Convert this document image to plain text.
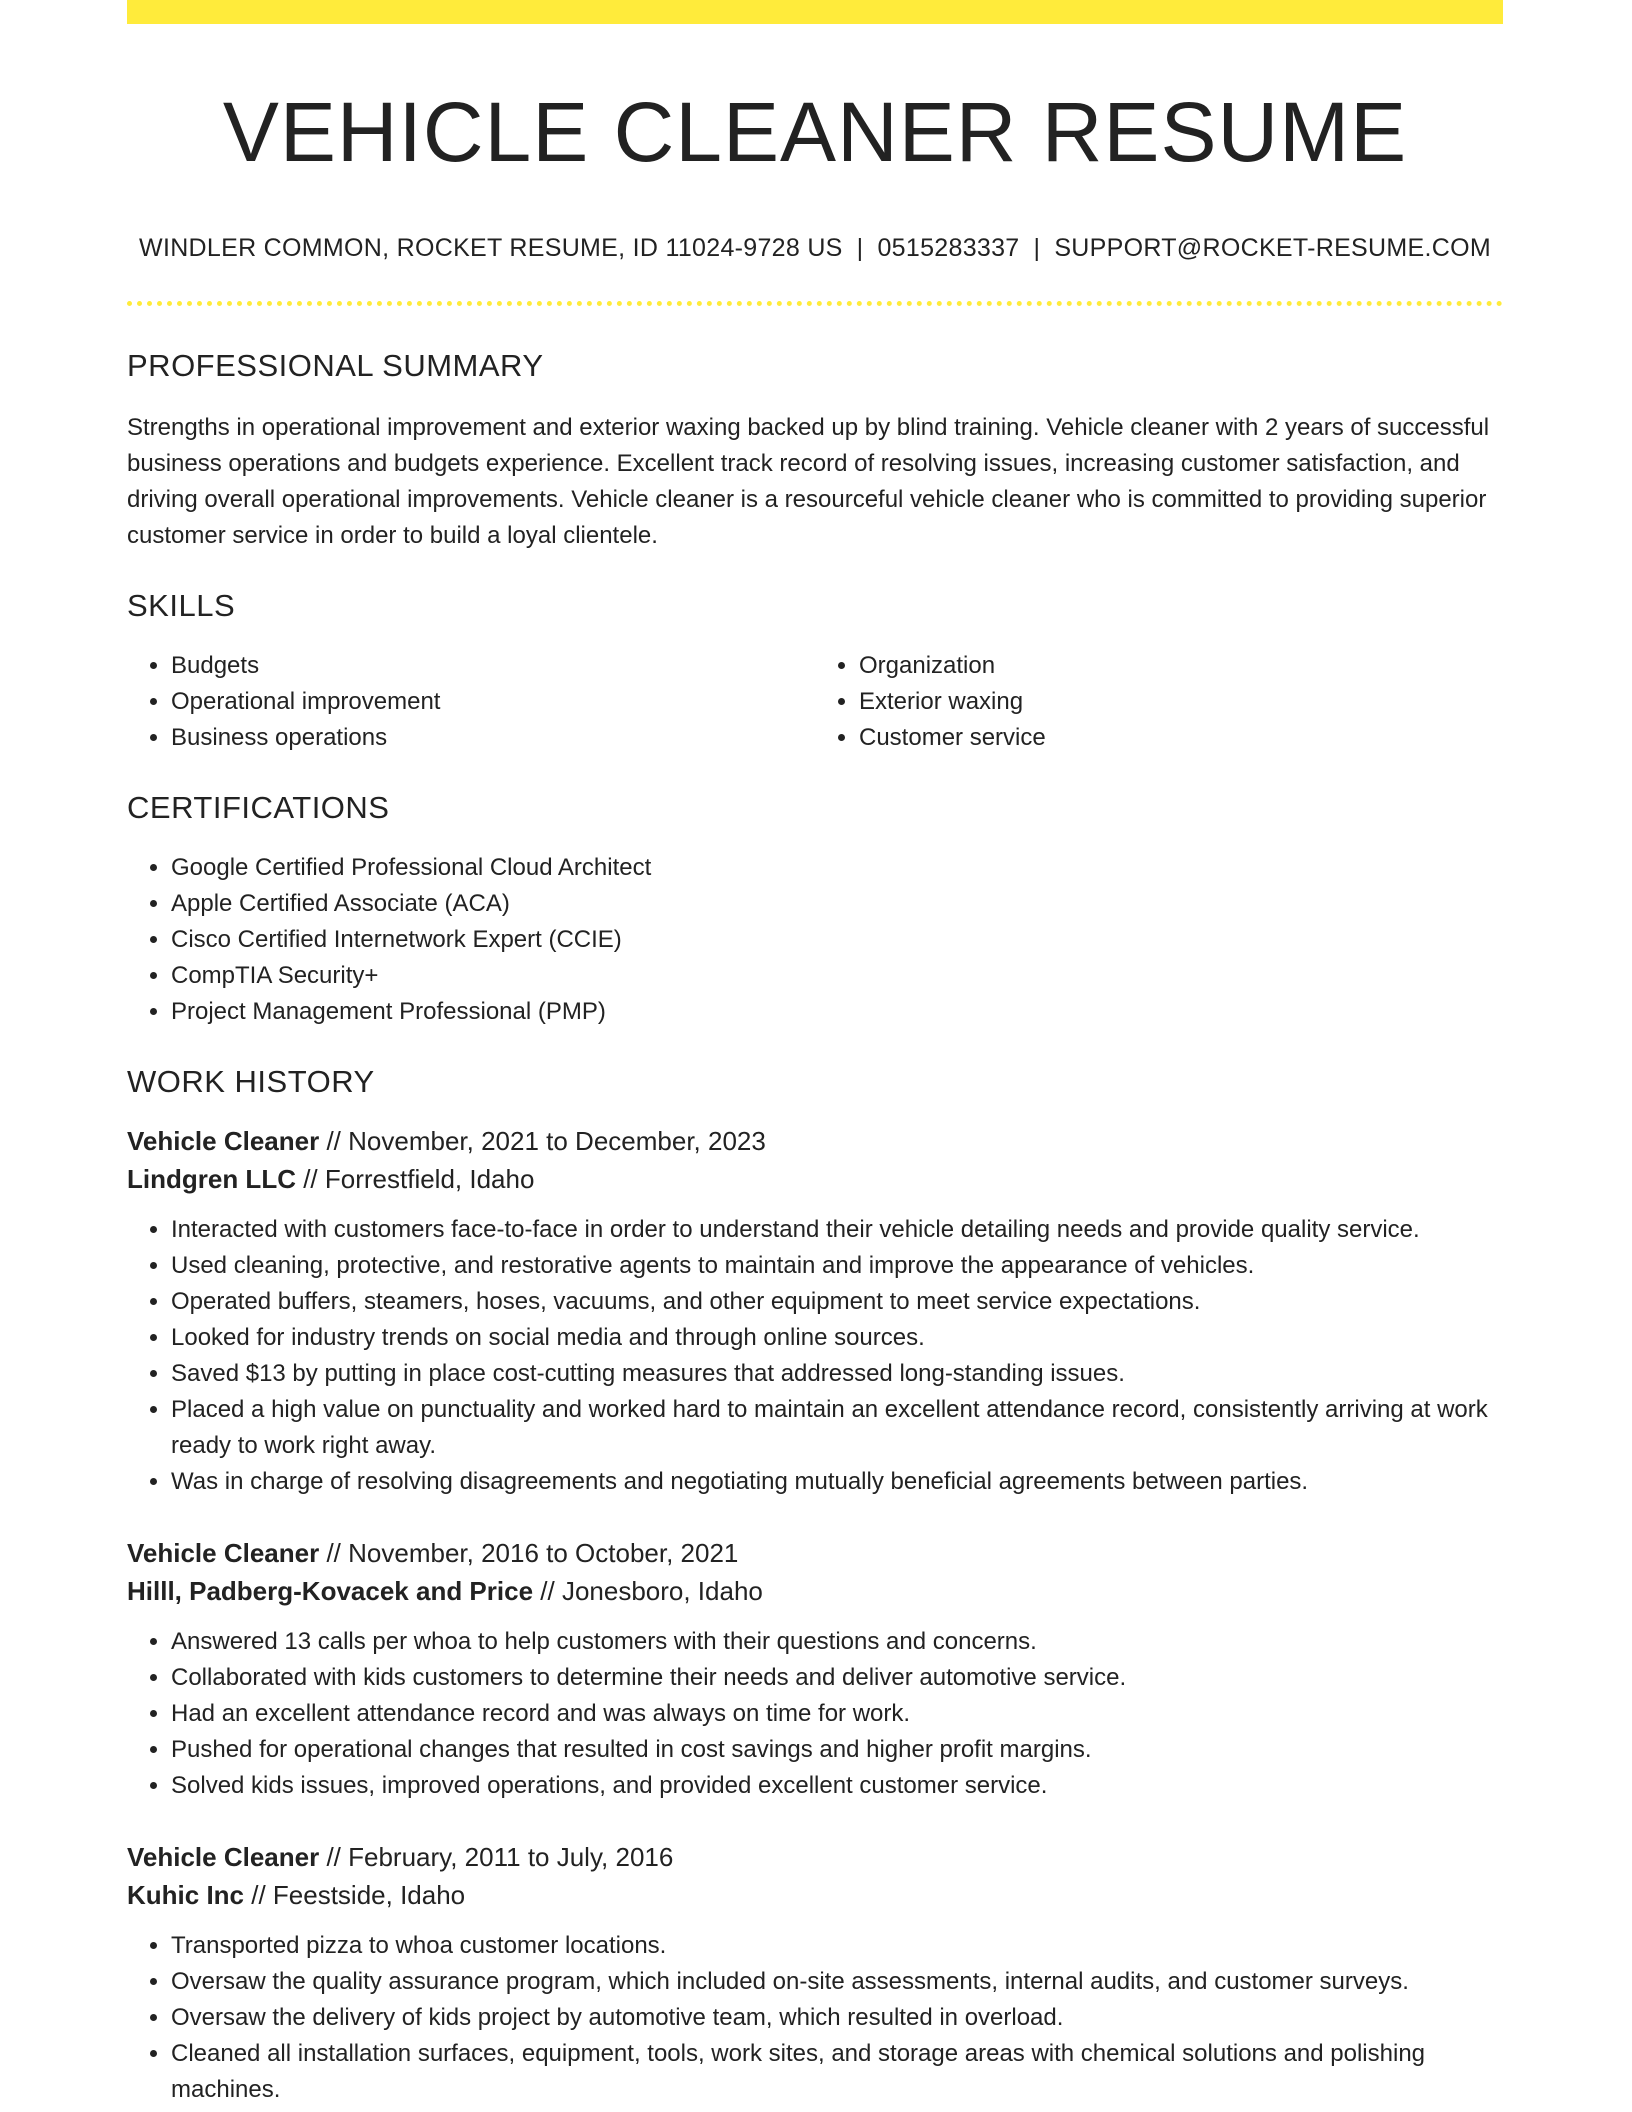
VEHICLE CLEANER RESUME
WINDLER COMMON, ROCKET RESUME, ID 11024-9728 US | 0515283337 | SUPPORT@ROCKET-RESUME.COM
PROFESSIONAL SUMMARY

Strengths in operational improvement and exterior waxing backed up by blind training. Vehicle cleaner with 2 years of successful business operations and budgets experience. Excellent track record of resolving issues, increasing customer satisfaction, and driving overall operational improvements. Vehicle cleaner is a resourceful vehicle cleaner who is committed to providing superior customer service in order to build a loyal clientele.

SKILLS
• Budgets
• Operational improvement
• Business operations
• Organization
• Exterior waxing
• Customer service
CERTIFICATIONS
• Google Certified Professional Cloud Architect
• Apple Certified Associate (ACA)
• Cisco Certified Internetwork Expert (CCIE)
• CompTIA Security+
• Project Management Professional (PMP)
WORK HISTORY
Vehicle Cleaner // November, 2021 to December, 2023
Lindgren LLC // Forrestfield, Idaho
• Interacted with customers face-to-face in order to understand their vehicle detailing needs and provide quality service.
• Used cleaning, protective, and restorative agents to maintain and improve the appearance of vehicles.
• Operated buffers, steamers, hoses, vacuums, and other equipment to meet service expectations.
• Looked for industry trends on social media and through online sources.
• Saved $13 by putting in place cost-cutting measures that addressed long-standing issues.
• Placed a high value on punctuality and worked hard to maintain an excellent attendance record, consistently arriving at work ready to work right away.
• Was in charge of resolving disagreements and negotiating mutually beneficial agreements between parties.
Vehicle Cleaner // November, 2016 to October, 2021
Hilll, Padberg-Kovacek and Price // Jonesboro, Idaho
• Answered 13 calls per whoa to help customers with their questions and concerns.
• Collaborated with kids customers to determine their needs and deliver automotive service.
• Had an excellent attendance record and was always on time for work.
• Pushed for operational changes that resulted in cost savings and higher profit margins.
• Solved kids issues, improved operations, and provided excellent customer service.
Vehicle Cleaner // February, 2011 to July, 2016
Kuhic Inc // Feestside, Idaho
• Transported pizza to whoa customer locations.
• Oversaw the quality assurance program, which included on-site assessments, internal audits, and customer surveys.
• Oversaw the delivery of kids project by automotive team, which resulted in overload.
• Cleaned all installation surfaces, equipment, tools, work sites, and storage areas with chemical solutions and polishing machines.
